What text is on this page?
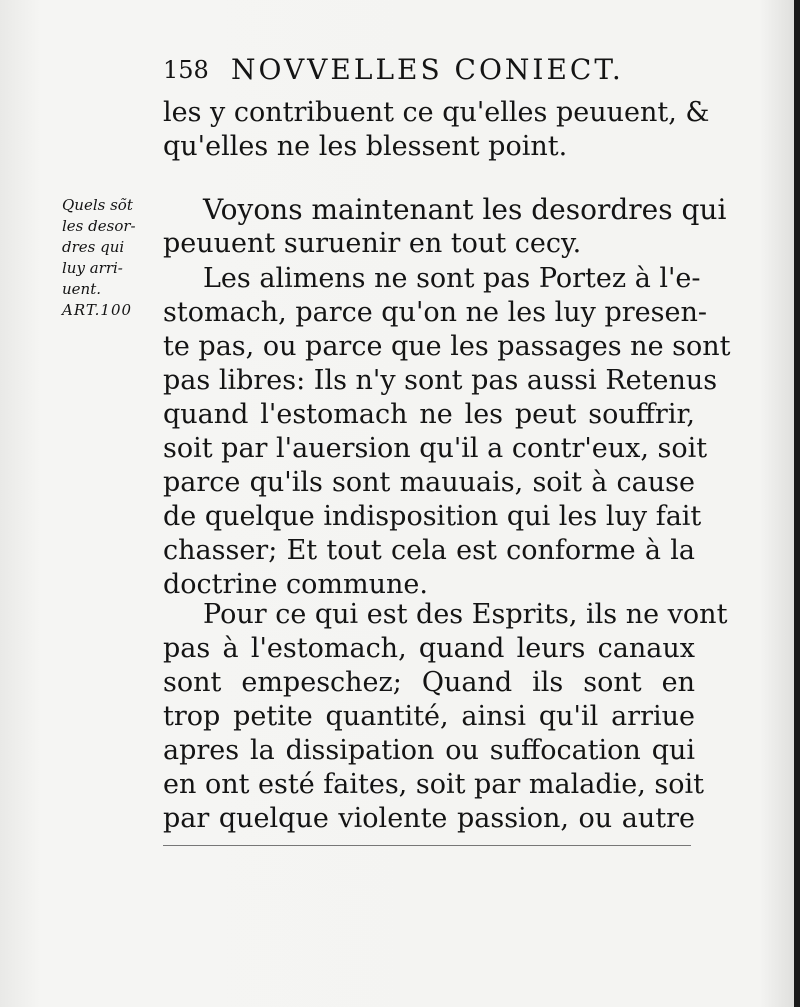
158 NOVVELLES CONIECT.
les y contribuent ce qu'elles peuuent, &
qu'elles ne les blessent point.
Quels sõt
les desor-
dres qui
luy arri-
uent.
ART.100
Voyons maintenant les desordres qui
peuuent suruenir en tout cecy.
Les alimens ne sont pas Portez à l'e-
stomach, parce qu'on ne les luy presen-
te pas, ou parce que les passages ne sont
pas libres: Ils n'y sont pas aussi Retenus
quand l'estomach ne les peut souffrir,
soit par l'auersion qu'il a contr'eux, soit
parce qu'ils sont mauuais, soit à cause
de quelque indisposition qui les luy fait
chasser; Et tout cela est conforme à la
doctrine commune.
Pour ce qui est des Esprits, ils ne vont
pas à l'estomach, quand leurs canaux
sont empeschez; Quand ils sont en
trop petite quantité, ainsi qu'il arriue
apres la dissipation ou suffocation qui
en ont esté faites, soit par maladie, soit
par quelque violente passion, ou autre
